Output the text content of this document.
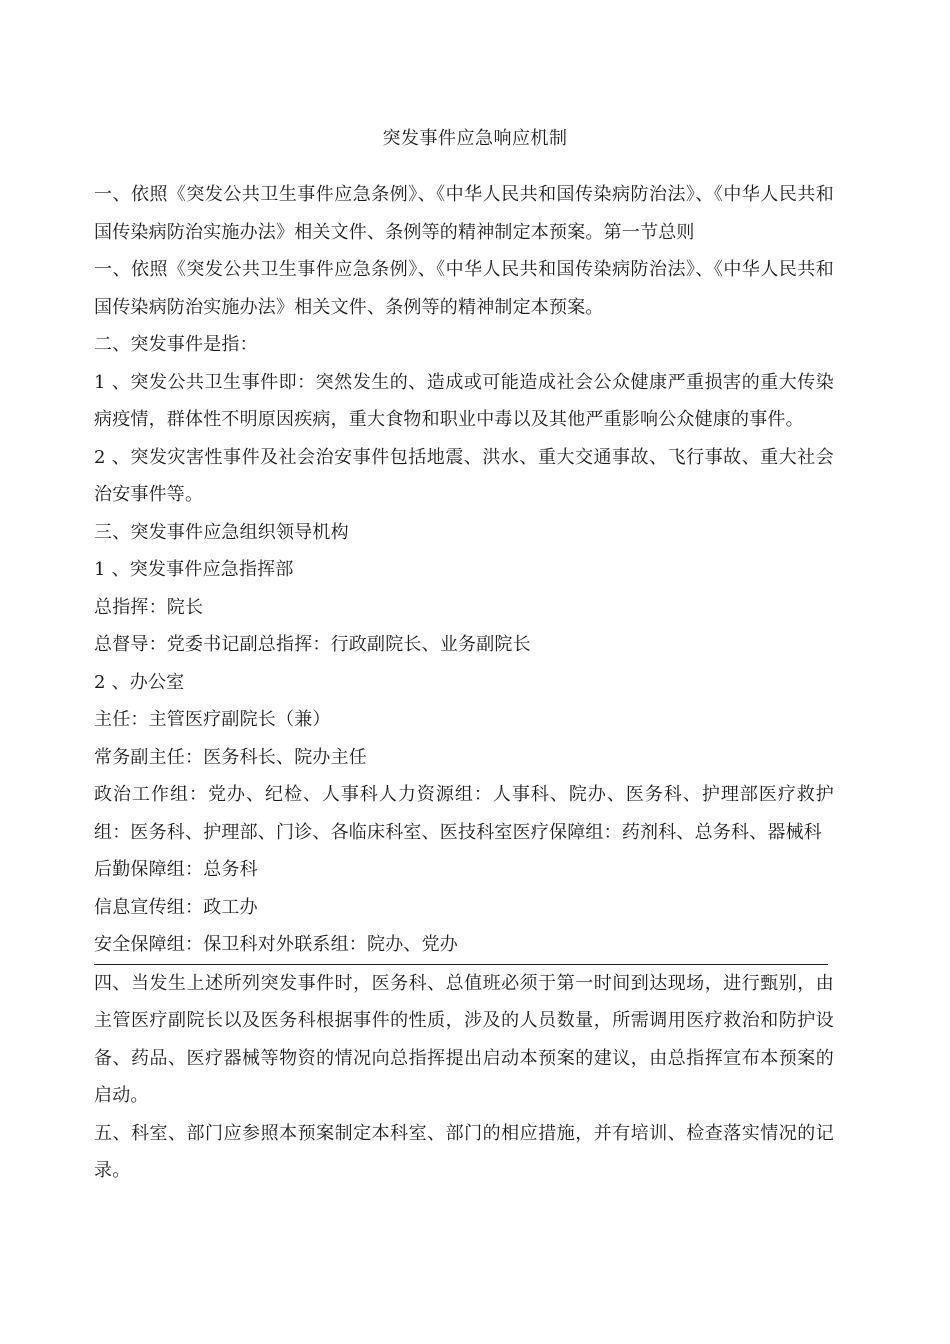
突发事件应急响应机制

一、依照《突发公共卫生事件应急条例》、《中华人民共和国传染病防治法》、《中华人民共和国传染病防治实施办法》相关文件、条例等的精神制定本预案。第一节总则

一、依照《突发公共卫生事件应急条例》、《中华人民共和国传染病防治法》、《中华人民共和国传染病防治实施办法》相关文件、条例等的精神制定本预案。

二、突发事件是指：

1 、突发公共卫生事件即：突然发生的、造成或可能造成社会公众健康严重损害的重大传染病疫情，群体性不明原因疾病，重大食物和职业中毒以及其他严重影响公众健康的事件。

2 、突发灾害性事件及社会治安事件包括地震、洪水、重大交通事故、飞行事故、重大社会治安事件等。

三、突发事件应急组织领导机构

1 、突发事件应急指挥部

总指挥：院长

总督导：党委书记副总指挥：行政副院长、业务副院长

2 、办公室

主任：主管医疗副院长（兼）

常务副主任：医务科长、院办主任

政治工作组：党办、纪检、人事科人力资源组：人事科、院办、医务科、护理部医疗救护组：医务科、护理部、门诊、各临床科室、医技科室医疗保障组：药剂科、总务科、器械科

后勤保障组：总务科

信息宣传组：政工办

安全保障组：保卫科对外联系组：院办、党办

四、当发生上述所列突发事件时，医务科、总值班必须于第一时间到达现场，进行甄别，由主管医疗副院长以及医务科根据事件的性质，涉及的人员数量，所需调用医疗救治和防护设备、药品、医疗器械等物资的情况向总指挥提出启动本预案的建议，由总指挥宣布本预案的启动。

五、科室、部门应参照本预案制定本科室、部门的相应措施，并有培训、检查落实情况的记录。
